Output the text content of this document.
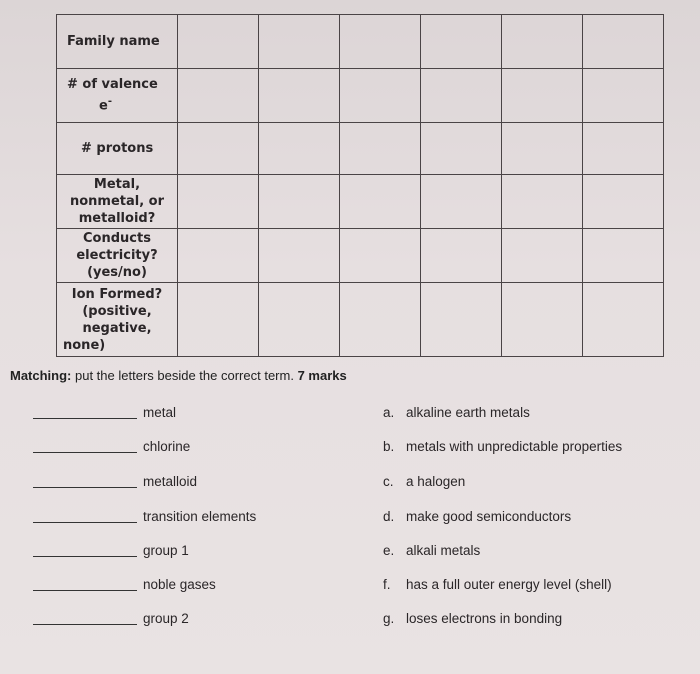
Family name						

# of valence
e-

# protons						

Metal,
nonmetal, or
metalloid?						

Conducts
electricity?
(yes/no)						

Ion Formed?
(positive,
negative,
none)						

Matching: put the letters beside the correct term. 7 marks
metal	a. alkaline earth metals
chlorine	b. metals with unpredictable properties
metalloid	c. a halogen
transition elements	d. make good semiconductors
group 1	e. alkali metals
noble gases	f. has a full outer energy level (shell)
group 2	g. loses electrons in bonding
